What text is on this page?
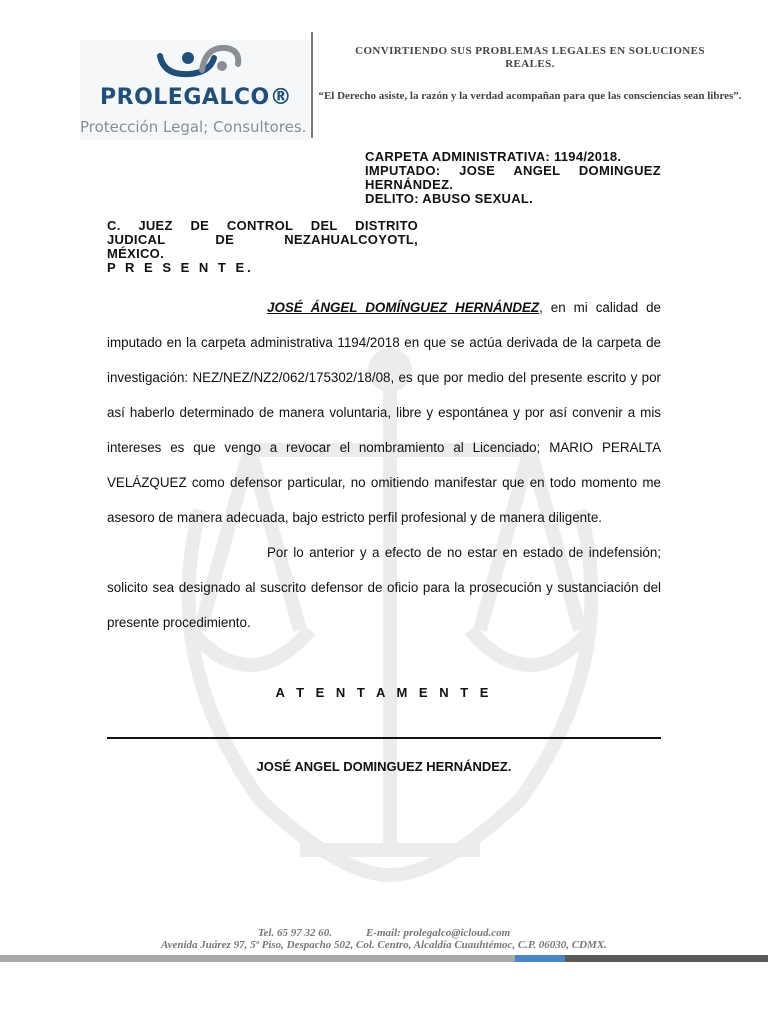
PROLEGALCO®
Protección Legal; Consultores.
CONVIRTIENDO SUS PROBLEMAS LEGALES EN SOLUCIONES REALES.
“El Derecho asiste, la razón y la verdad acompañan para que las consciencias sean libres”.
CARPETA ADMINISTRATIVA: 1194/2018.
IMPUTADO: JOSE ANGEL DOMINGUEZ
HERNÁNDEZ.
DELITO: ABUSO SEXUAL.
C. JUEZ DE CONTROL DEL DISTRITO
JUDICAL DE NEZAHUALCOYOTL,
MÉXICO.
P R E S E N T E.

JOSÉ ÁNGEL DOMÍNGUEZ HERNÁNDEZ, en mi calidad de imputado en la carpeta administrativa 1194/2018 en que se actúa derivada de la carpeta de investigación: NEZ/NEZ/NZ2/062/175302/18/08, es que por medio del presente escrito y por así haberlo determinado de manera voluntaria, libre y espontánea y por así convenir a mis intereses es que vengo a revocar el nombramiento al Licenciado; MARIO PERALTA VELÁZQUEZ como defensor particular, no omitiendo manifestar que en todo momento me asesoro de manera adecuada, bajo estricto perfil profesional y de manera diligente.

Por lo anterior y a efecto de no estar en estado de indefensión; solicito sea designado al suscrito defensor de oficio para la prosecución y sustanciación del presente procedimiento.

A T E N T A M E N T E
JOSÉ ANGEL DOMINGUEZ HERNÁNDEZ.
Tel. 65 97 32 60.	E-mail: prolegalco@icloud.com
Avenida Juárez 97, 5º Piso, Despacho 502, Col. Centro, Alcaldía Cuauhtémoc, C.P. 06030, CDMX.
